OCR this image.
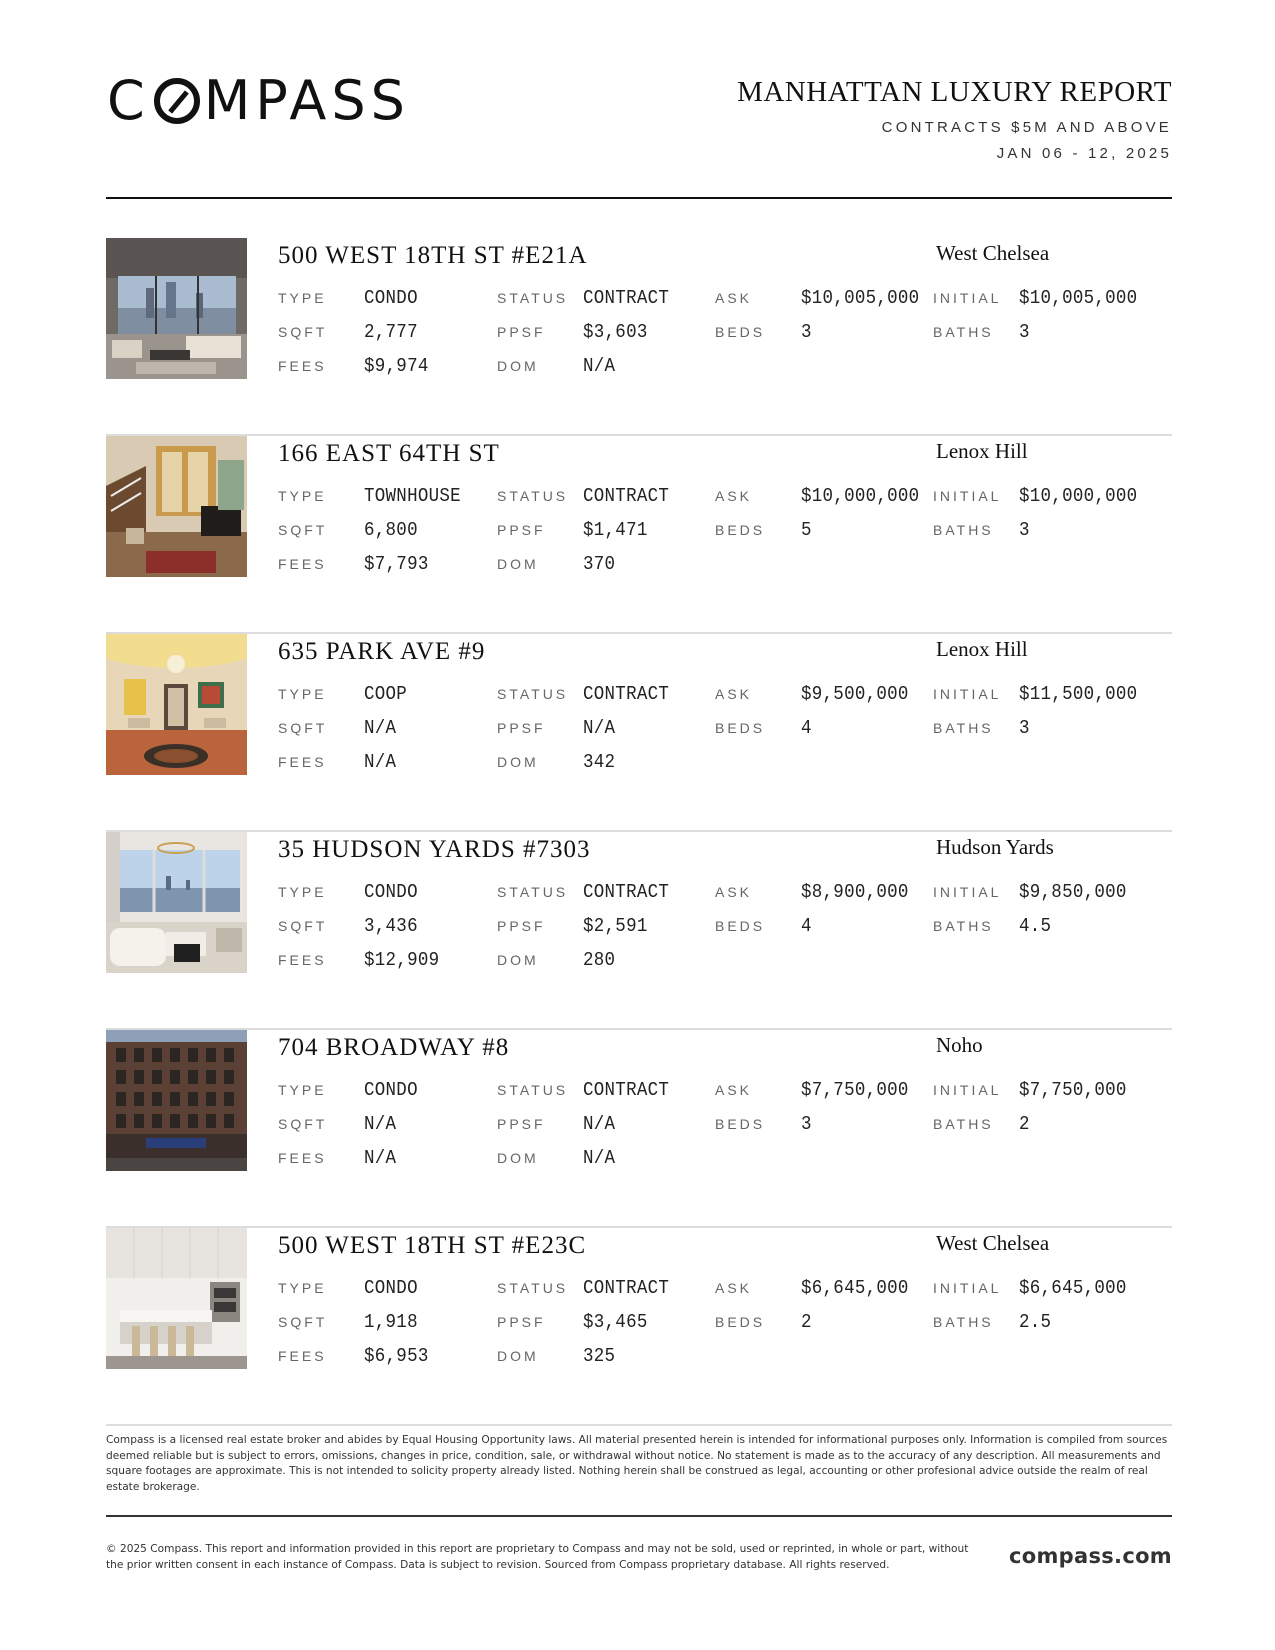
C MPASS	MANHATTAN LUXURY REPORT
CONTRACTS $5M AND ABOVE
JAN 06 - 12, 2025
500 WEST 18TH ST #E21A	West Chelsea
TYPE CONDO	STATUS CONTRACT	ASK	$10,005,000 INITIAL $10,005,000
SQFT 2,777	PPSF $3,603	BEDS 3	BATHS 3
FEES $9,974	DOM N/A
166 EAST 64TH ST	Lenox Hill
TYPE TOWNHOUSE	STATUS CONTRACT	ASK	$10,000,000 INITIAL $10,000,000
SQFT 6,800	PPSF $1,471	BEDS 5	BATHS 3
FEES $7,793	DOM 370
635 PARK AVE #9	Lenox Hill
TYPE COOP	STATUS CONTRACT	ASK	$9,500,000 INITIAL $11,500,000
SQFT N/A	PPSF N/A	BEDS 4	BATHS 3
FEES N/A	DOM 342
35 HUDSON YARDS #7303	Hudson Yards
TYPE CONDO	STATUS CONTRACT	ASK	$8,900,000 INITIAL $9,850,000
SQFT 3,436	PPSF $2,591	BEDS 4	BATHS 4.5
FEES $12,909	DOM 280
704 BROADWAY #8	Noho
TYPE CONDO	STATUS CONTRACT	ASK	$7,750,000 INITIAL $7,750,000
SQFT N/A	PPSF N/A	BEDS 3	BATHS 2
FEES N/A	DOM N/A
500 WEST 18TH ST #E23C	West Chelsea
TYPE CONDO	STATUS CONTRACT	ASK	$6,645,000 INITIAL $6,645,000
SQFT 1,918	PPSF $3,465	BEDS 2	BATHS 2.5
FEES $6,953	DOM 325
Compass is a licensed real estate broker and abides by Equal Housing Opportunity laws. All material presented herein is intended for informational purposes only. Information is compiled from sources deemed reliable but is subject to errors, omissions, changes in price, condition, sale, or withdrawal without notice. No statement is made as to the accuracy of any description. All measurements and square footages are approximate. This is not intended to solicity property already listed. Nothing herein shall be construed as legal, accounting or other profesional advice outside the realm of real estate brokerage.
© 2025 Compass. This report and information provided in this report are proprietary to Compass and may not be sold, used or reprinted, in whole or part, without the prior written consent in each instance of Compass. Data is subject to revision. Sourced from Compass proprietary database. All rights reserved.	compass.com
